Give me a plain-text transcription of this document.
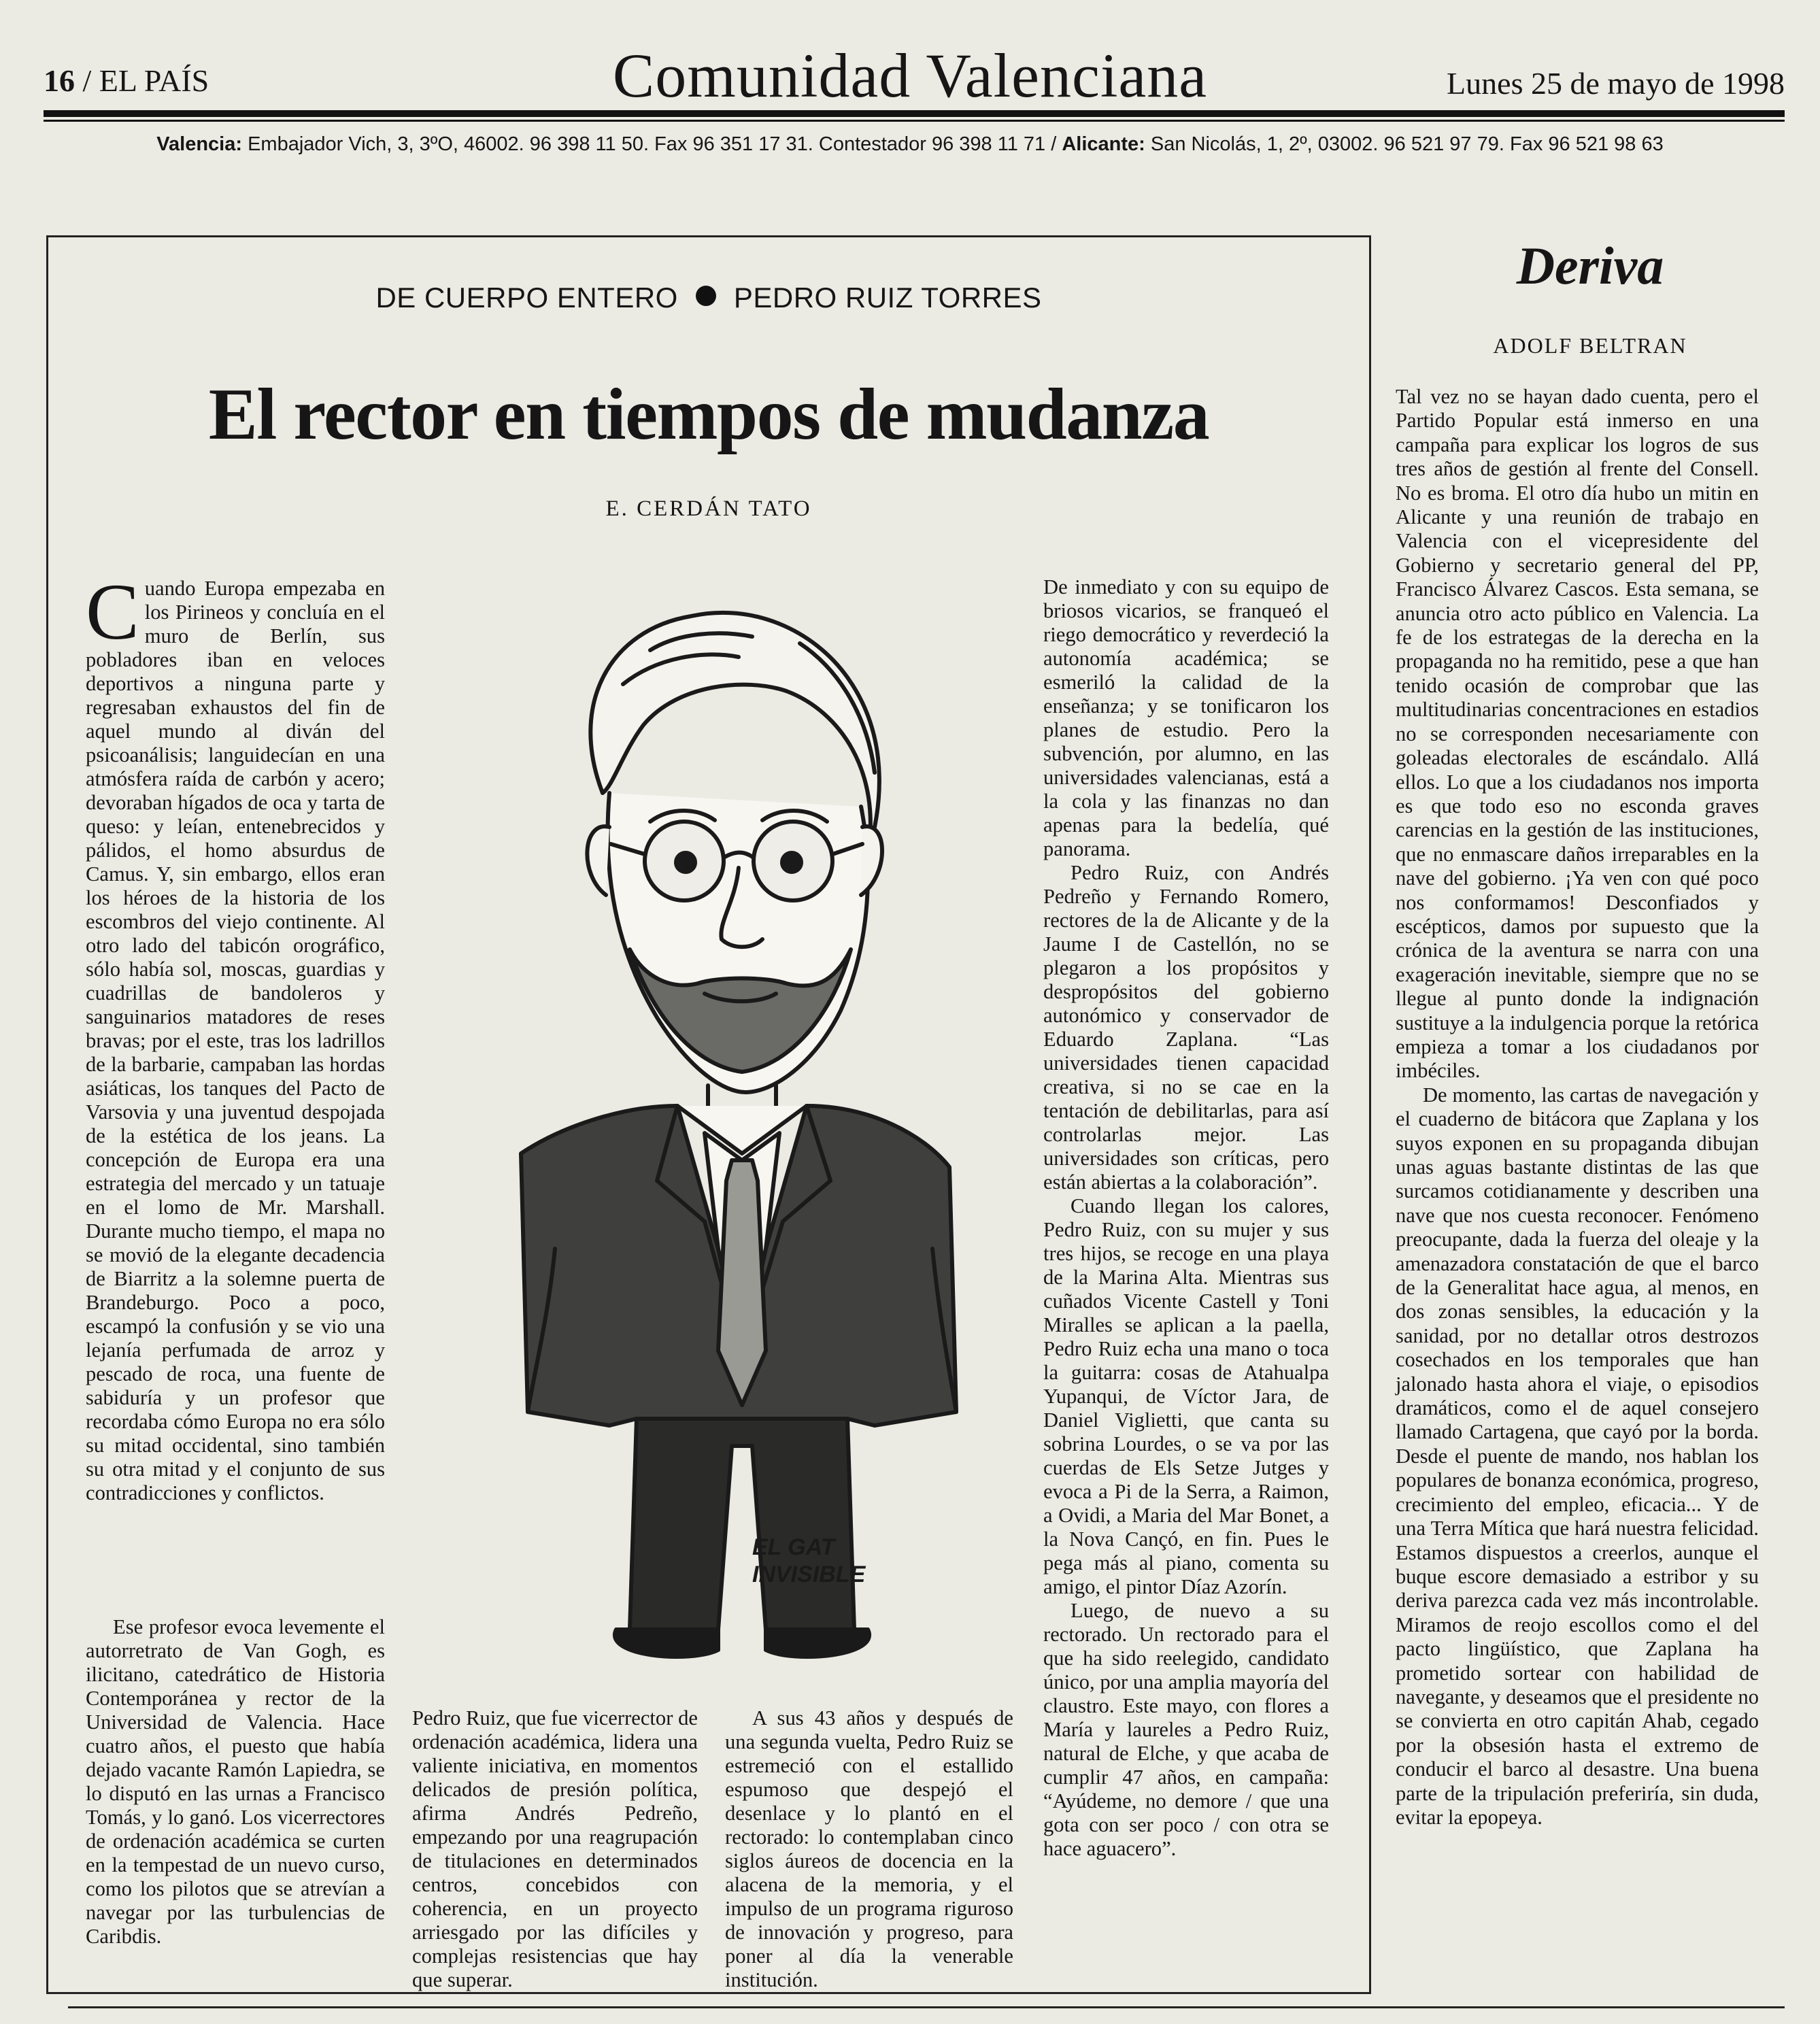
16 / EL PAÍS	Comunidad Valenciana	Lunes 25 de mayo de 1998
Valencia: Embajador Vich, 3, 3ºO, 46002. 96 398 11 50. Fax 96 351 17 31. Contestador 96 398 11 71 / Alicante: San Nicolás, 1, 2º, 03002. 96 521 97 79. Fax 96 521 98 63
DE CUERPO ENTERO PEDRO RUIZ TORRES
El rector en tiempos de mudanza
E. CERDÁN TATO

Cuando Europa empezaba en los Pirineos y concluía en el muro de Berlín, sus pobladores iban en veloces deportivos a ninguna parte y regresaban exhaustos del fin de aquel mundo al diván del psicoanálisis; languidecían en una atmósfera raída de carbón y acero; devoraban hígados de oca y tarta de queso: y leían, entenebrecidos y pálidos, el homo absurdus de Camus. Y, sin embargo, ellos eran los héroes de la historia de los escombros del viejo continente. Al otro lado del tabicón orográfico, sólo había sol, moscas, guardias y cuadrillas de bandoleros y sanguinarios matadores de reses bravas; por el este, tras los ladrillos de la barbarie, campaban las hordas asiáticas, los tanques del Pacto de Varsovia y una juventud despojada de la estética de los jeans. La concepción de Europa era una estrategia del mercado y un tatuaje en el lomo de Mr. Marshall. Durante mucho tiempo, el mapa no se movió de la elegante decadencia de Biarritz a la solemne puerta de Brandeburgo. Poco a poco, escampó la confusión y se vio una lejanía perfumada de arroz y pescado de roca, una fuente de sabiduría y un profesor que recordaba cómo Europa no era sólo su mitad occidental, sino también su otra mitad y el conjunto de sus contradicciones y conflictos.

Ese profesor evoca levemente el autorretrato de Van Gogh, es ilicitano, catedrático de Historia Contemporánea y rector de la Universidad de Valencia. Hace cuatro años, el puesto que había dejado vacante Ramón Lapiedra, se lo disputó en las urnas a Francisco Tomás, y lo ganó. Los vicerrectores de ordenación académica se curten en la tempestad de un nuevo curso, como los pilotos que se atrevían a navegar por las turbulencias de Caribdis.

Pedro Ruiz, que fue vicerrector de ordenación académica, lidera una valiente iniciativa, en momentos delicados de presión política, afirma Andrés Pedreño, empezando por una reagrupación de titulaciones en determinados centros, concebidos con coherencia, en un proyecto arriesgado por las difíciles y complejas resistencias que hay que superar.

A sus 43 años y después de una segunda vuelta, Pedro Ruiz se estremeció con el estallido espumoso que despejó el desenlace y lo plantó en el rectorado: lo contemplaban cinco siglos áureos de docencia en la alacena de la memoria, y el impulso de un programa riguroso de innovación y progreso, para poner al día la venerable institución.

De inmediato y con su equipo de briosos vicarios, se franqueó el riego democrático y reverdeció la autonomía académica; se esmeriló la calidad de la enseñanza; y se tonificaron los planes de estudio. Pero la subvención, por alumno, en las universidades valencianas, está a la cola y las finanzas no dan apenas para la bedelía, qué panorama.

Pedro Ruiz, con Andrés Pedreño y Fernando Romero, rectores de la de Alicante y de la Jaume I de Castellón, no se plegaron a los propósitos y despropósitos del gobierno autonómico y conservador de Eduardo Zaplana. “Las universidades tienen capacidad creativa, si no se cae en la tentación de debilitarlas, para así controlarlas mejor. Las universidades son críticas, pero están abiertas a la colaboración”.

Cuando llegan los calores, Pedro Ruiz, con su mujer y sus tres hijos, se recoge en una playa de la Marina Alta. Mientras sus cuñados Vicente Castell y Toni Miralles se aplican a la paella, Pedro Ruiz echa una mano o toca la guitarra: cosas de Atahualpa Yupanqui, de Víctor Jara, de Daniel Viglietti, que canta su sobrina Lourdes, o se va por las cuerdas de Els Setze Jutges y evoca a Pi de la Serra, a Raimon, a Ovidi, a Maria del Mar Bonet, a la Nova Cançó, en fin. Pues le pega más al piano, comenta su amigo, el pintor Díaz Azorín.

Luego, de nuevo a su rectorado. Un rectorado para el que ha sido reelegido, candidato único, por una amplia mayoría del claustro. Este mayo, con flores a María y laureles a Pedro Ruiz, natural de Elche, y que acaba de cumplir 47 años, en campaña: “Ayúdeme, no demore / que una gota con ser poco / con otra se hace aguacero”.

EL GAT
INVISIBLE
Deriva
ADOLF BELTRAN

Tal vez no se hayan dado cuenta, pero el Partido Popular está inmerso en una campaña para explicar los logros de sus tres años de gestión al frente del Consell. No es broma. El otro día hubo un mitin en Alicante y una reunión de trabajo en Valencia con el vicepresidente del Gobierno y secretario general del PP, Francisco Álvarez Cascos. Esta semana, se anuncia otro acto público en Valencia. La fe de los estrategas de la derecha en la propaganda no ha remitido, pese a que han tenido ocasión de comprobar que las multitudinarias concentraciones en estadios no se corresponden necesariamente con goleadas electorales de escándalo. Allá ellos. Lo que a los ciudadanos nos importa es que todo eso no esconda graves carencias en la gestión de las instituciones, que no enmascare daños irreparables en la nave del gobierno. ¡Ya ven con qué poco nos conformamos! Desconfiados y escépticos, damos por supuesto que la crónica de la aventura se narra con una exageración inevitable, siempre que no se llegue al punto donde la indignación sustituye a la indulgencia porque la retórica empieza a tomar a los ciudadanos por imbéciles.

De momento, las cartas de navegación y el cuaderno de bitácora que Zaplana y los suyos exponen en su propaganda dibujan unas aguas bastante distintas de las que surcamos cotidianamente y describen una nave que nos cuesta reconocer. Fenómeno preocupante, dada la fuerza del oleaje y la amenazadora constatación de que el barco de la Generalitat hace agua, al menos, en dos zonas sensibles, la educación y la sanidad, por no detallar otros destrozos cosechados en los temporales que han jalonado hasta ahora el viaje, o episodios dramáticos, como el de aquel consejero llamado Cartagena, que cayó por la borda. Desde el puente de mando, nos hablan los populares de bonanza económica, progreso, crecimiento del empleo, eficacia... Y de una Terra Mítica que hará nuestra felicidad. Estamos dispuestos a creerlos, aunque el buque escore demasiado a estribor y su deriva parezca cada vez más incontrolable. Miramos de reojo escollos como el del pacto lingüístico, que Zaplana ha prometido sortear con habilidad de navegante, y deseamos que el presidente no se convierta en otro capitán Ahab, cegado por la obsesión hasta el extremo de conducir el barco al desastre. Una buena parte de la tripulación preferiría, sin duda, evitar la epopeya.
